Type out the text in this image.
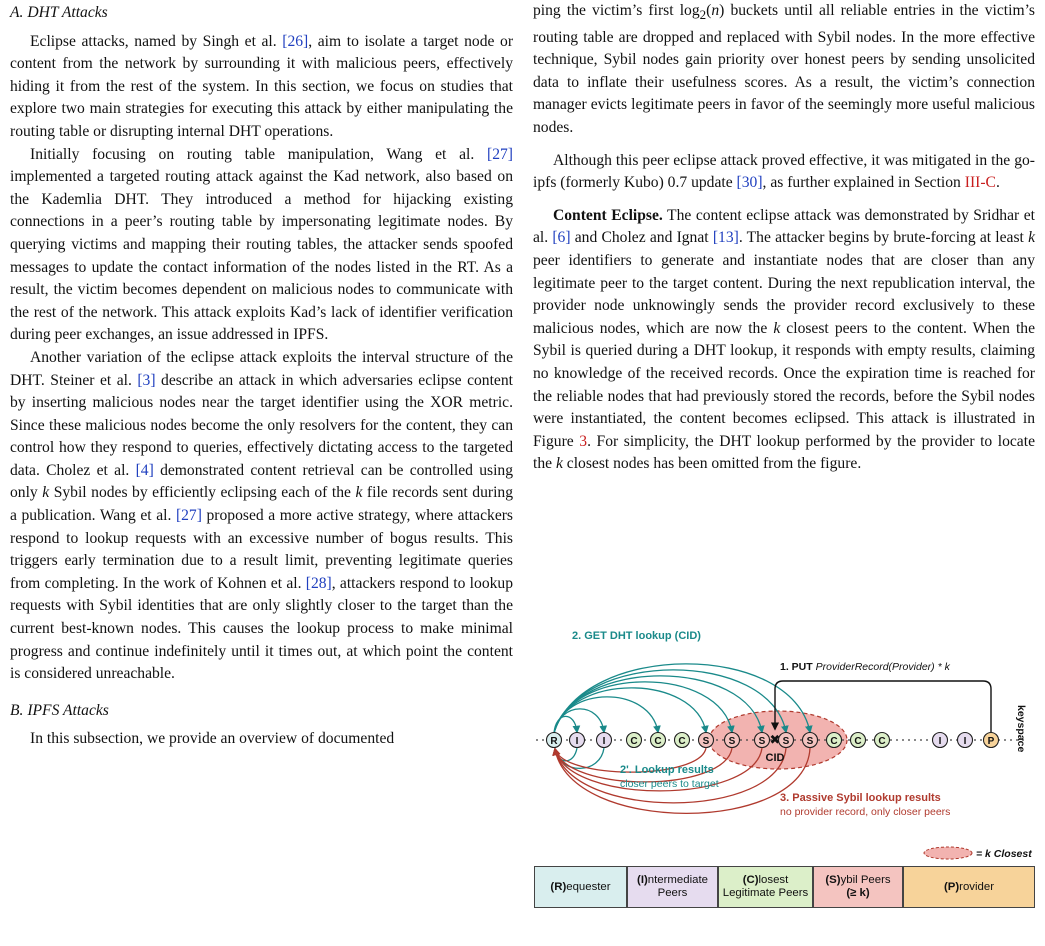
A. DHT Attacks

Eclipse attacks, named by Singh et al. [26], aim to isolate a target node or content from the network by surrounding it with malicious peers, effectively hiding it from the rest of the system. In this section, we focus on studies that explore two main strategies for executing this attack by either manipulating the routing table or disrupting internal DHT operations.

Initially focusing on routing table manipulation, Wang et al. [27] implemented a targeted routing attack against the Kad network, also based on the Kademlia DHT. They introduced a method for hijacking existing connections in a peer’s routing table by impersonating legitimate nodes. By querying victims and mapping their routing tables, the attacker sends spoofed messages to update the contact information of the nodes listed in the RT. As a result, the victim becomes dependent on malicious nodes to communicate with the rest of the network. This attack exploits Kad’s lack of identifier verification during peer exchanges, an issue addressed in IPFS.

Another variation of the eclipse attack exploits the interval structure of the DHT. Steiner et al. [3] describe an attack in which adversaries eclipse content by inserting malicious nodes near the target identifier using the XOR metric. Since these malicious nodes become the only resolvers for the content, they can control how they respond to queries, effectively dictating access to the targeted data. Cholez et al. [4] demonstrated content retrieval can be controlled using only k Sybil nodes by efficiently eclipsing each of the k file records sent during a publication. Wang et al. [27] proposed a more active strategy, where attackers respond to lookup requests with an excessive number of bogus results. This triggers early termination due to a result limit, preventing legitimate queries from completing. In the work of Kohnen et al. [28], attackers respond to lookup requests with Sybil identities that are only slightly closer to the target than the current best-known nodes. This causes the lookup process to make minimal progress and continue indefinitely until it times out, at which point the content is considered unreachable.

B. IPFS Attacks

In this subsection, we provide an overview of documented

ping the victim’s first $\log_2(n)$ buckets until all reliable entries in the victim’s routing table are dropped and replaced with Sybil nodes. In the more effective technique, Sybil nodes gain priority over honest peers by sending unsolicited data to inflate their usefulness scores. As a result, the victim’s connection manager evicts legitimate peers in favor of the seemingly more useful malicious nodes.

Although this peer eclipse attack proved effective, it was mitigated in the go-ipfs (formerly Kubo) 0.7 update [30], as further explained in Section III-C.

Content Eclipse. The content eclipse attack was demonstrated by Sridhar et al. [6] and Cholez and Ignat [13]. The attacker begins by brute-forcing at least k peer identifiers to generate and instantiate nodes that are closer than any legitimate peer to the target content. During the next republication interval, the provider node unknowingly sends the provider record exclusively to these malicious nodes, which are now the k closest peers to the content. When the Sybil is queried during a DHT lookup, it responds with empty results, claiming no knowledge of the received records. Once the expiration time is reached for the reliable nodes that had previously stored the records, before the Sybil nodes were instantiated, the content becomes eclipsed. This attack is illustrated in Figure 3. For simplicity, the DHT lookup performed by the provider to locate the k closest nodes has been omitted from the figure.

R I I C C C S S S S S C C C	I I P
✖
CID
2. GET DHT lookup (CID)
1. PUT ProviderRecord(Provider) * k
2'. Lookup results
closer peers to target
3. Passive Sybil lookup results
no provider record, only closer peers
keyspace
= k Closest
(R)equester
(I)ntermediate Peers
(C)losest Legitimate Peers
(S)ybil Peers
(≥ k)
(P)rovider
